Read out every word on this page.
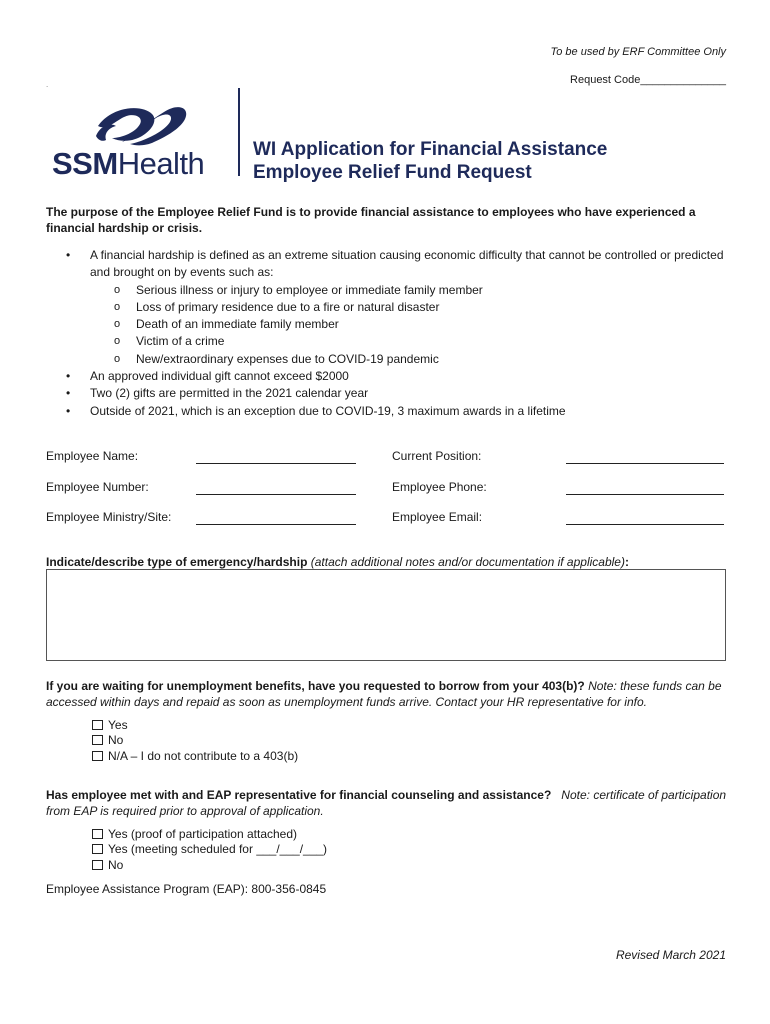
To be used by ERF Committee Only
Request Code______________
.
SSMHealth	WI Application for Financial Assistance
Employee Relief Fund Request
The purpose of the Employee Relief Fund is to provide financial assistance to employees who have experienced a financial hardship or crisis.
• A financial hardship is defined as an extreme situation causing economic difficulty that cannot be controlled or predicted and brought on by events such as:
o Serious illness or injury to employee or immediate family member
o Loss of primary residence due to a fire or natural disaster
o Death of an immediate family member
o Victim of a crime
o New/extraordinary expenses due to COVID-19 pandemic
• An approved individual gift cannot exceed $2000
• Two (2) gifts are permitted in the 2021 calendar year
• Outside of 2021, which is an exception due to COVID-19, 3 maximum awards in a lifetime
Employee Name:	Current Position:
Employee Number:	Employee Phone:
Employee Ministry/Site:	Employee Email:
Indicate/describe type of emergency/hardship (attach additional notes and/or documentation if applicable):
If you are waiting for unemployment benefits, have you requested to borrow from your 403(b)? Note: these funds can be accessed within days and repaid as soon as unemployment funds arrive. Contact your HR representative for info.
Yes
No
N/A – I do not contribute to a 403(b)
Has employee met with and EAP representative for financial counseling and assistance? Note: certificate of participation from EAP is required prior to approval of application.
Yes (proof of participation attached)
Yes (meeting scheduled for ___/___/___)
No
Employee Assistance Program (EAP): 800-356-0845
Revised March 2021
